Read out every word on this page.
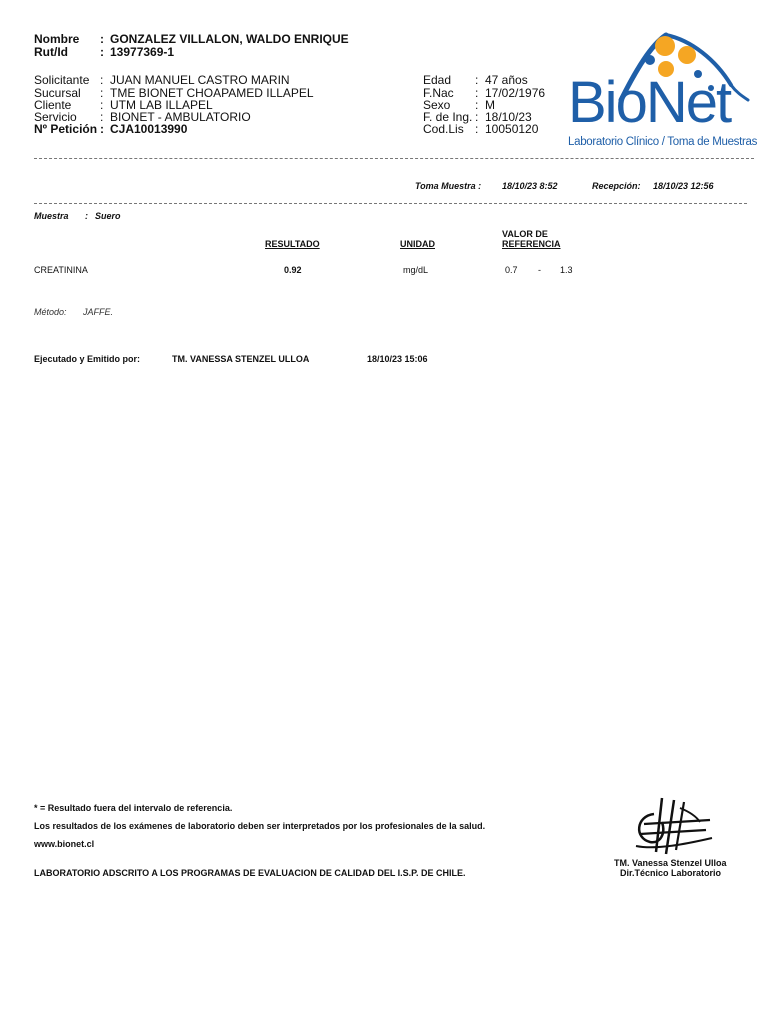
Nombre : GONZALEZ VILLALON, WALDO ENRIQUE
Rut/Id	: 13977369-1
Solicitante : JUAN MANUEL CASTRO MARIN
Sucursal : TME BIONET CHOAPAMED ILLAPEL
Cliente : UTM LAB ILLAPEL
Servicio : BIONET - AMBULATORIO
Nº Petición : CJA10013990
Edad : 47 años
F.Nac : 17/02/1976
Sexo : M
F. de Ing. : 18/10/23
Cod.Lis : 10050120 BioNet
Laboratorio Clínico / Toma de Muestras
Toma Muestra : 18/10/23 8:52	Recepción: 18/10/23 12:56
Muestra : Suero
RESULTADO	UNIDAD
VALOR DE
REFERENCIA
CREATININA	0.92	mg/dL	0.7 - 1.3
Método: JAFFE.
Ejecutado y Emitido por:	TM. VANESSA STENZEL ULLOA	18/10/23 15:06
* = Resultado fuera del intervalo de referencia.
Los resultados de los exámenes de laboratorio deben ser interpretados por los profesionales de la salud.
www.bionet.cl
LABORATORIO ADSCRITO A LOS PROGRAMAS DE EVALUACION DE CALIDAD DEL I.S.P. DE CHILE.
TM. Vanessa Stenzel Ulloa
Dir.Técnico Laboratorio
